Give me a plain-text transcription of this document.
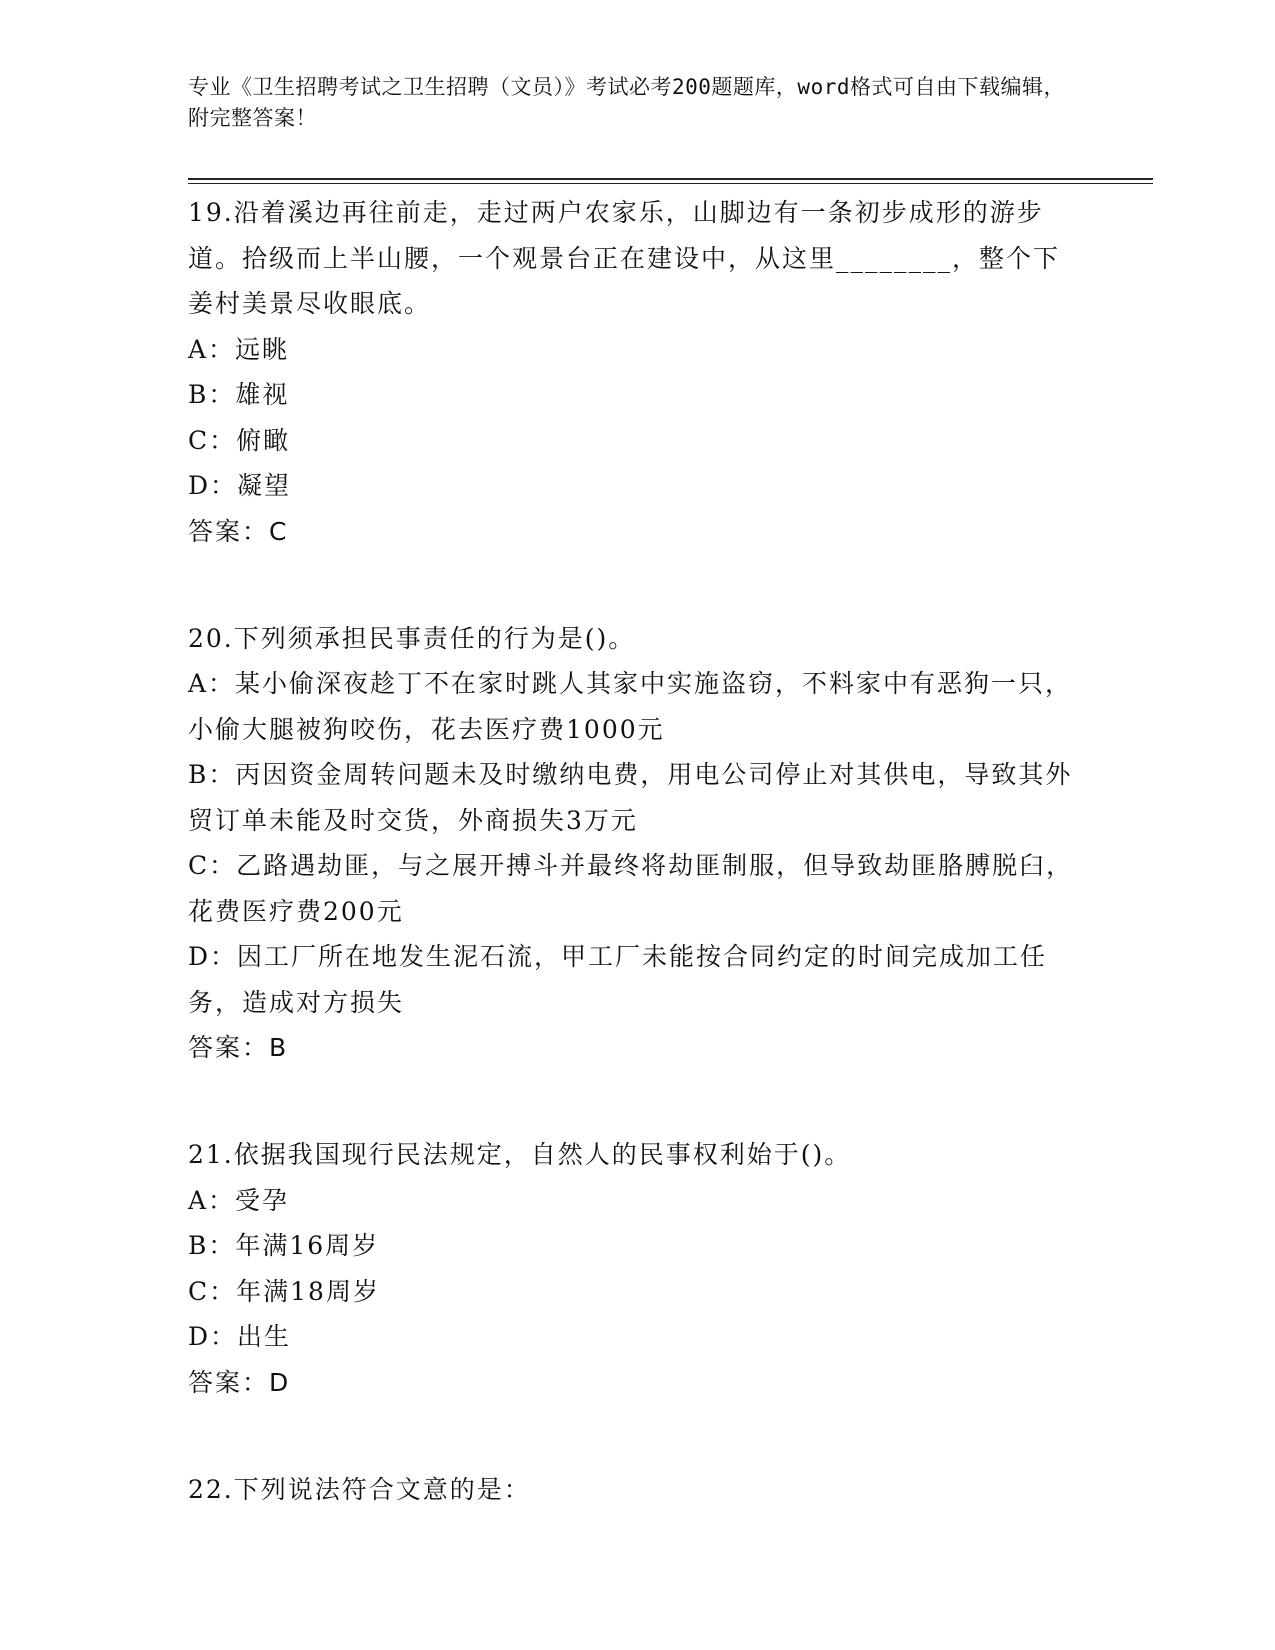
专业《卫生招聘考试之卫生招聘（文员）》考试必考200题题库，word格式可自由下载编辑，附完整答案！
19.沿着溪边再往前走，走过两户农家乐，山脚边有一条初步成形的游步道。拾级而上半山腰，一个观景台正在建设中，从这里________，整个下姜村美景尽收眼底。
A：远眺
B：雄视
C：俯瞰
D：凝望
答案：C
20.下列须承担民事责任的行为是()。
A：某小偷深夜趁丁不在家时跳人其家中实施盗窃，不料家中有恶狗一只，小偷大腿被狗咬伤，花去医疗费1000元
B：丙因资金周转问题未及时缴纳电费，用电公司停止对其供电，导致其外贸订单未能及时交货，外商损失3万元
C：乙路遇劫匪，与之展开搏斗并最终将劫匪制服，但导致劫匪胳膊脱臼，花费医疗费200元
D：因工厂所在地发生泥石流，甲工厂未能按合同约定的时间完成加工任务，造成对方损失
答案：B
21.依据我国现行民法规定，自然人的民事权利始于()。
A：受孕
B：年满16周岁
C：年满18周岁
D：出生
答案：D
22.下列说法符合文意的是：
